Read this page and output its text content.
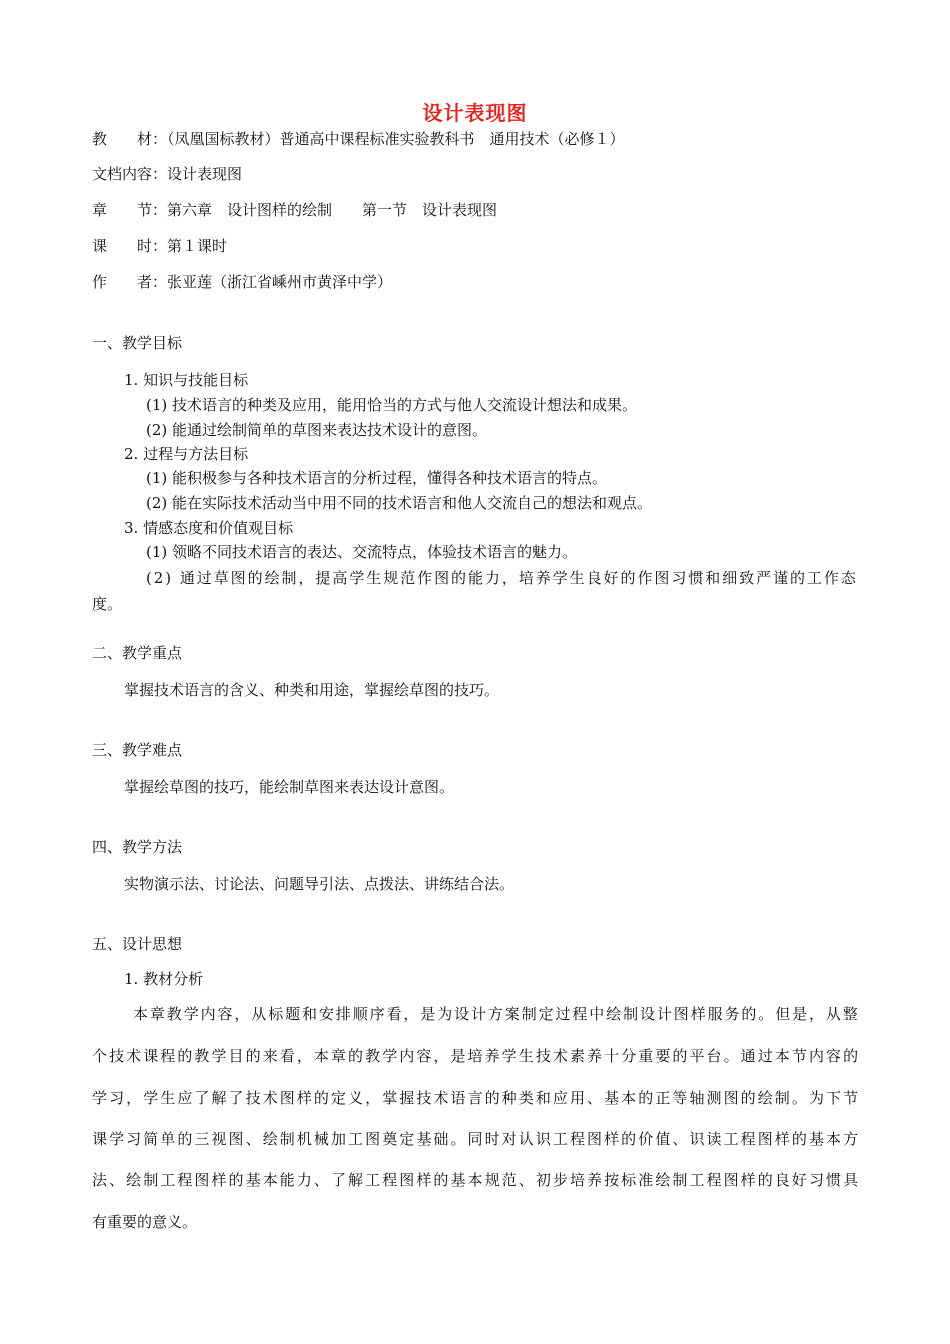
设计表现图
教　　材：（凤凰国标教材）普通高中课程标准实验教科书　通用技术（必修１）
文档内容：设计表现图
章　　节：第六章　设计图样的绘制　　第一节　设计表现图
课　　时：第１课时
作　　者：张亚莲（浙江省嵊州市黄泽中学）
一、教学目标
1. 知识与技能目标
(1) 技术语言的种类及应用，能用恰当的方式与他人交流设计想法和成果。
(2) 能通过绘制简单的草图来表达技术设计的意图。
2. 过程与方法目标
(1) 能积极参与各种技术语言的分析过程，懂得各种技术语言的特点。
(2) 能在实际技术活动当中用不同的技术语言和他人交流自己的想法和观点。
3. 情感态度和价值观目标
(1) 领略不同技术语言的表达、交流特点，体验技术语言的魅力。
(2) 通过草图的绘制，提高学生规范作图的能力，培养学生良好的作图习惯和细致严谨的工作态
度。
二、教学重点
掌握技术语言的含义、种类和用途，掌握绘草图的技巧。
三、教学难点
掌握绘草图的技巧，能绘制草图来表达设计意图。
四、教学方法
实物演示法、讨论法、问题导引法、点拨法、讲练结合法。
五、设计思想
1. 教材分析
本章教学内容，从标题和安排顺序看，是为设计方案制定过程中绘制设计图样服务的。但是，从整
个技术课程的教学目的来看，本章的教学内容，是培养学生技术素养十分重要的平台。通过本节内容的
学习，学生应了解了技术图样的定义，掌握技术语言的种类和应用、基本的正等轴测图的绘制。为下节
课学习简单的三视图、绘制机械加工图奠定基础。同时对认识工程图样的价值、识读工程图样的基本方
法、绘制工程图样的基本能力、了解工程图样的基本规范、初步培养按标准绘制工程图样的良好习惯具
有重要的意义。
